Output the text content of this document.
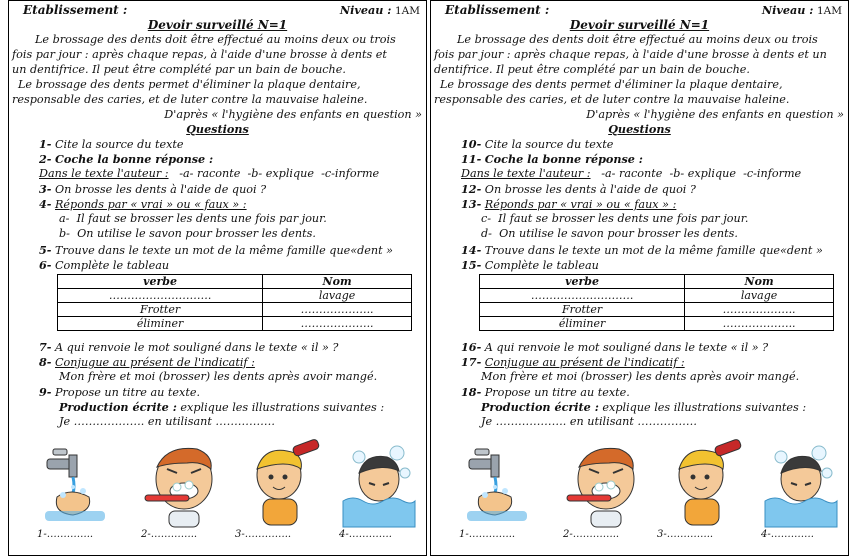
Etablissement :	Niveau : 1AM
Devoir surveillé N=1
Le brossage des dents doit être effectué au moins deux ou trois
fois par jour : après chaque repas, à l'aide d'une brosse à dents et
un dentifrice. Il peut être complété par un bain de bouche.
Le brossage des dents permet d'éliminer la plaque dentaire,
responsable des caries, et de luter contre la mauvaise haleine.
D'après « l'hygiène des enfants en question »
Questions
1- Cite la source du texte
2- Coche la bonne réponse :
Dans le texte l'auteur : -a- raconte -b- explique -c-informe
3- On brosse les dents à l'aide de quoi ?
4- Réponds par « vrai » ou « faux » :
a- Il faut se brosser les dents une fois par jour.
b- On utilise le savon pour brosser les dents.
5- Trouve dans le texte un mot de la même famille que«dent »
6- Complète le tableau
verbe	Nom
……………………….	lavage
Frotter	………………..
éliminer	………………..
7- A qui renvoie le mot souligné dans le texte « il » ?
8- Conjugue au présent de l'indicatif :
Mon frère et moi (brosser) les dents après avoir mangé.
9- Propose un titre au texte.
Production écrite : explique les illustrations suivantes :
Je ………………. en utilisant …………….
1-…………..	2-…………..	3-…………..	4-………….
Etablissement :	Niveau : 1AM
Devoir surveillé N=1
Le brossage des dents doit être effectué au moins deux ou trois
fois par jour : après chaque repas, à l'aide d'une brosse à dents et un
dentifrice. Il peut être complété par un bain de bouche.
Le brossage des dents permet d'éliminer la plaque dentaire,
responsable des caries, et de luter contre la mauvaise haleine.
D'après « l'hygiène des enfants en question »
Questions
10- Cite la source du texte
11- Coche la bonne réponse :
Dans le texte l'auteur : -a- raconte -b- explique -c-informe
12- On brosse les dents à l'aide de quoi ?
13- Réponds par « vrai » ou « faux » :
c- Il faut se brosser les dents une fois par jour.
d- On utilise le savon pour brosser les dents.
14- Trouve dans le texte un mot de la même famille que«dent »
15- Complète le tableau
verbe	Nom
……………………….	lavage
Frotter	………………..
éliminer	………………..
16- A qui renvoie le mot souligné dans le texte « il » ?
17- Conjugue au présent de l'indicatif :
Mon frère et moi (brosser) les dents après avoir mangé.
18- Propose un titre au texte.
Production écrite : explique les illustrations suivantes :
Je ………………. en utilisant …………….
1-…………..	2-…………..	3-…………..	4-………….
